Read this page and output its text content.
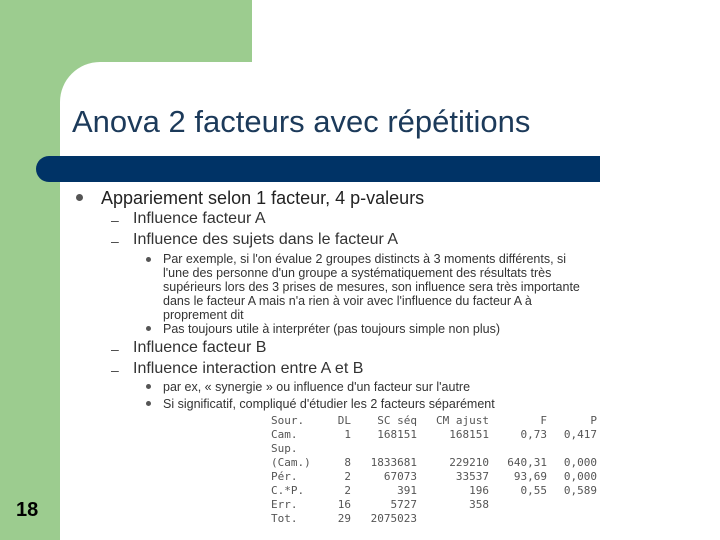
Anova 2 facteurs avec répétitions
Appariement selon 1 facteur, 4 p-valeurs
– Influence facteur A
– Influence des sujets dans le facteur A
Par exemple, si l'on évalue 2 groupes distincts à 3 moments différents, si
l'une des personne d'un groupe a systématiquement des résultats très
supérieurs lors des 3 prises de mesures, son influence sera très importante
dans le facteur A mais n'a rien à voir avec l'influence du facteur A à
proprement dit
Pas toujours utile à interpréter (pas toujours simple non plus)
– Influence facteur B
– Influence interaction entre A et B
par ex, « synergie » ou influence d'un facteur sur l'autre
Si significatif, compliqué d'étudier les 2 facteurs séparément
Sour.	DL	SC séq	CM ajust	F	P
Cam.	1	168151	168151	0,73	0,417
Sup.					
(Cam.)	8	1833681	229210	640,31	0,000
Pér.	2	67073	33537	93,69	0,000
C.*P.	2	391	196	0,55	0,589
Err.	16	5727	358		
Tot.	29	2075023			
18
